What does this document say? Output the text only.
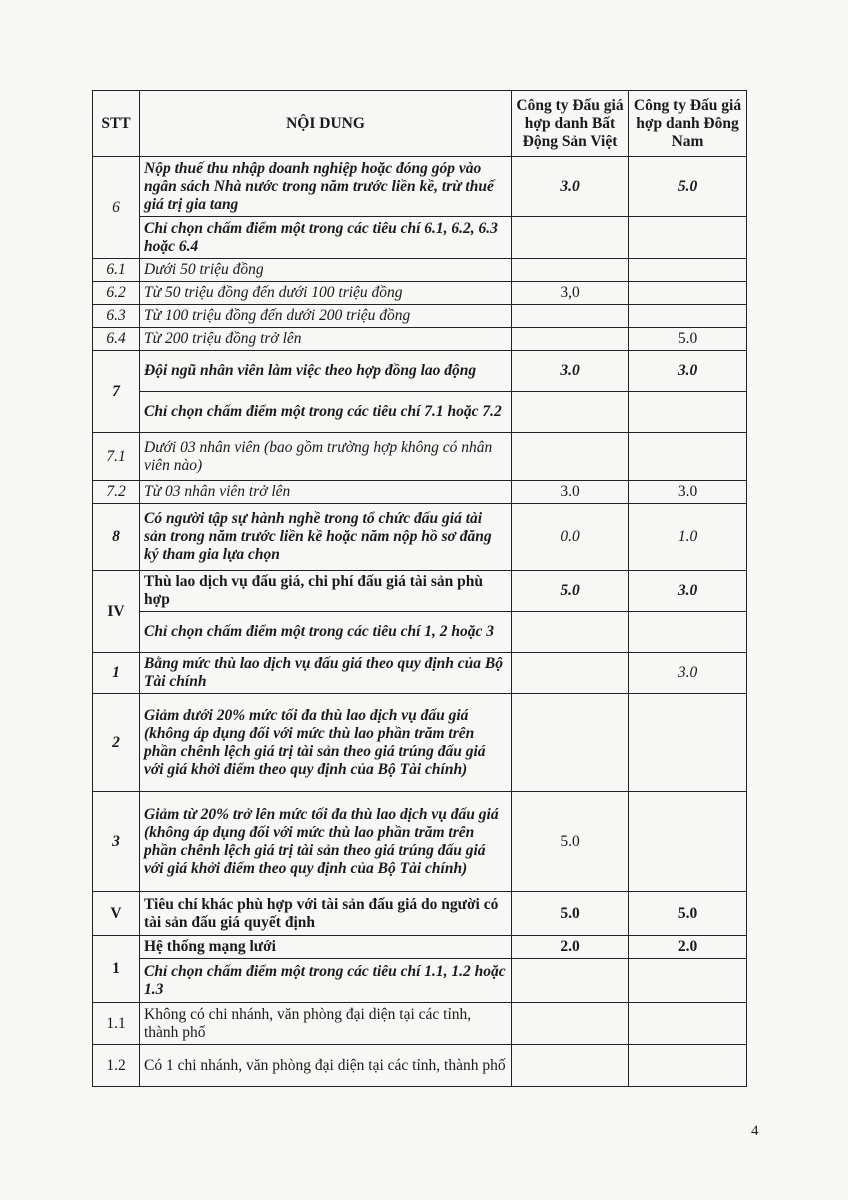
STT	NỘI DUNG	Công ty Đấu giá hợp danh Bất Động Sản Việt	Công ty Đấu giá hợp danh Đông Nam
6	Nộp thuế thu nhập doanh nghiệp hoặc đóng góp vào ngân sách Nhà nước trong năm trước liền kề, trừ thuế giá trị gia tang	3.0	5.0
	Chỉ chọn chấm điểm một trong các tiêu chí 6.1, 6.2, 6.3 hoặc 6.4		
6.1	Dưới 50 triệu đồng		
6.2	Từ 50 triệu đồng đến dưới 100 triệu đồng	3,0	
6.3	Từ 100 triệu đồng đến dưới 200 triệu đồng		
6.4	Từ 200 triệu đồng trở lên		5.0
7	Đội ngũ nhân viên làm việc theo hợp đồng lao động	3.0	3.0
	Chỉ chọn chấm điểm một trong các tiêu chí 7.1 hoặc 7.2		
7.1	Dưới 03 nhân viên (bao gồm trường hợp không có nhân viên nào)		
7.2	Từ 03 nhân viên trở lên	3.0	3.0
8	Có người tập sự hành nghề trong tổ chức đấu giá tài sản trong năm trước liền kề hoặc năm nộp hồ sơ đăng ký tham gia lựa chọn	0.0	1.0
IV	Thù lao dịch vụ đấu giá, chi phí đấu giá tài sản phù hợp	5.0	3.0
	Chỉ chọn chấm điểm một trong các tiêu chí 1, 2 hoặc 3		
1	Bằng mức thù lao dịch vụ đấu giá theo quy định của Bộ Tài chính		3.0
2	Giảm dưới 20% mức tối đa thù lao dịch vụ đấu giá (không áp dụng đối với mức thù lao phần trăm trên phần chênh lệch giá trị tài sản theo giá trúng đấu giá với giá khởi điểm theo quy định của Bộ Tài chính)		
3	Giảm từ 20% trở lên mức tối đa thù lao dịch vụ đấu giá (không áp dụng đối với mức thù lao phần trăm trên phần chênh lệch giá trị tài sản theo giá trúng đấu giá với giá khởi điểm theo quy định của Bộ Tài chính)	5.0	
V	Tiêu chí khác phù hợp với tài sản đấu giá do người có tài sản đấu giá quyết định	5.0	5.0
1	Hệ thống mạng lưới	2.0	2.0
	Chỉ chọn chấm điểm một trong các tiêu chí 1.1, 1.2 hoặc 1.3		
1.1	Không có chi nhánh, văn phòng đại diện tại các tỉnh, thành phố		
1.2	Có 1 chi nhánh, văn phòng đại diện tại các tỉnh, thành phố		
4
